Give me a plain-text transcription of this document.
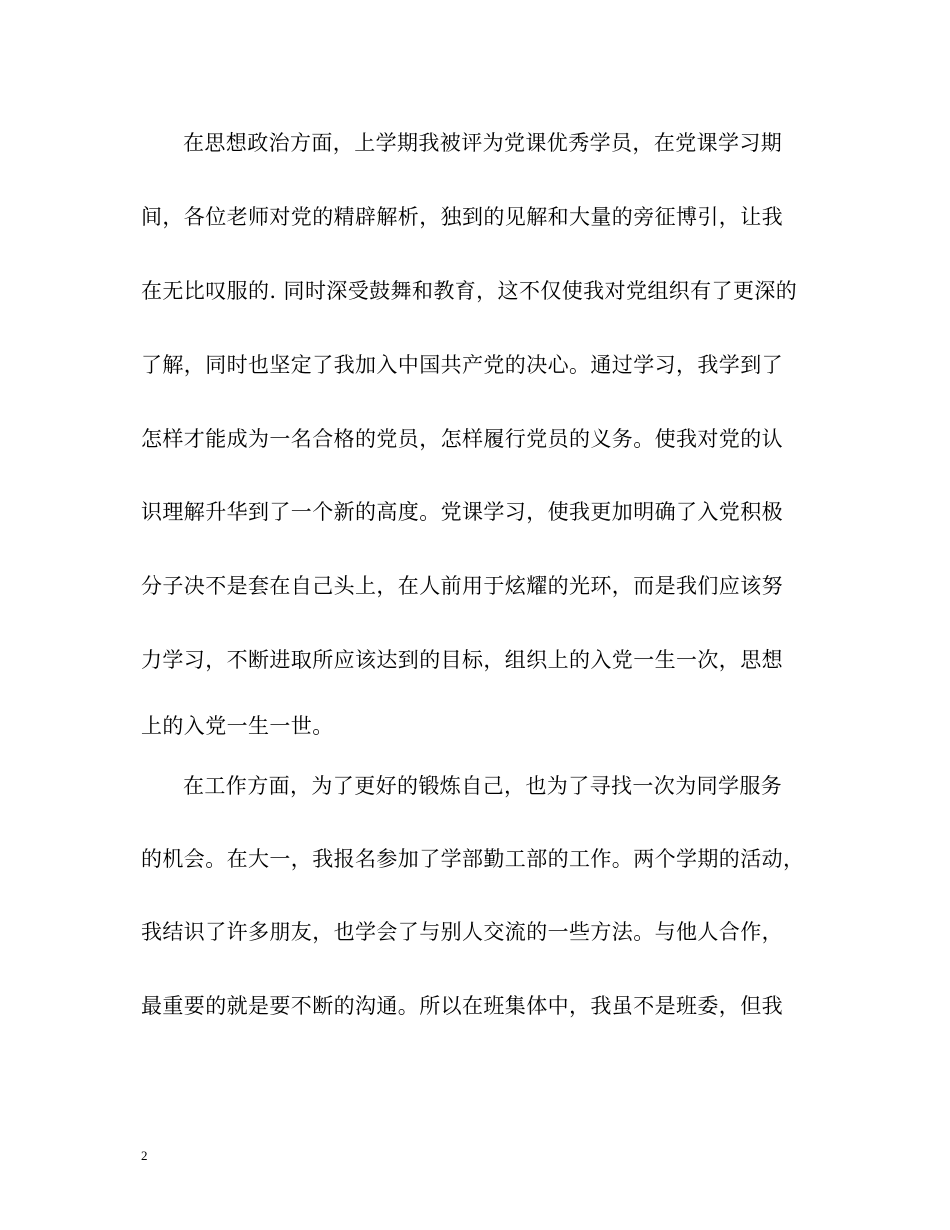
在思想政治方面，上学期我被评为党课优秀学员，在党课学习期
间，各位老师对党的精辟解析，独到的见解和大量的旁征博引，让我
在无比叹服的. 同时深受鼓舞和教育，这不仅使我对党组织有了更深的
了解，同时也坚定了我加入中国共产党的决心。通过学习，我学到了
怎样才能成为一名合格的党员，怎样履行党员的义务。使我对党的认
识理解升华到了一个新的高度。党课学习，使我更加明确了入党积极
分子决不是套在自己头上，在人前用于炫耀的光环，而是我们应该努
力学习，不断进取所应该达到的目标，组织上的入党一生一次，思想
上的入党一生一世。
在工作方面，为了更好的锻炼自己，也为了寻找一次为同学服务
的机会。在大一，我报名参加了学部勤工部的工作。两个学期的活动，
我结识了许多朋友，也学会了与别人交流的一些方法。与他人合作，
最重要的就是要不断的沟通。所以在班集体中，我虽不是班委，但我
2
